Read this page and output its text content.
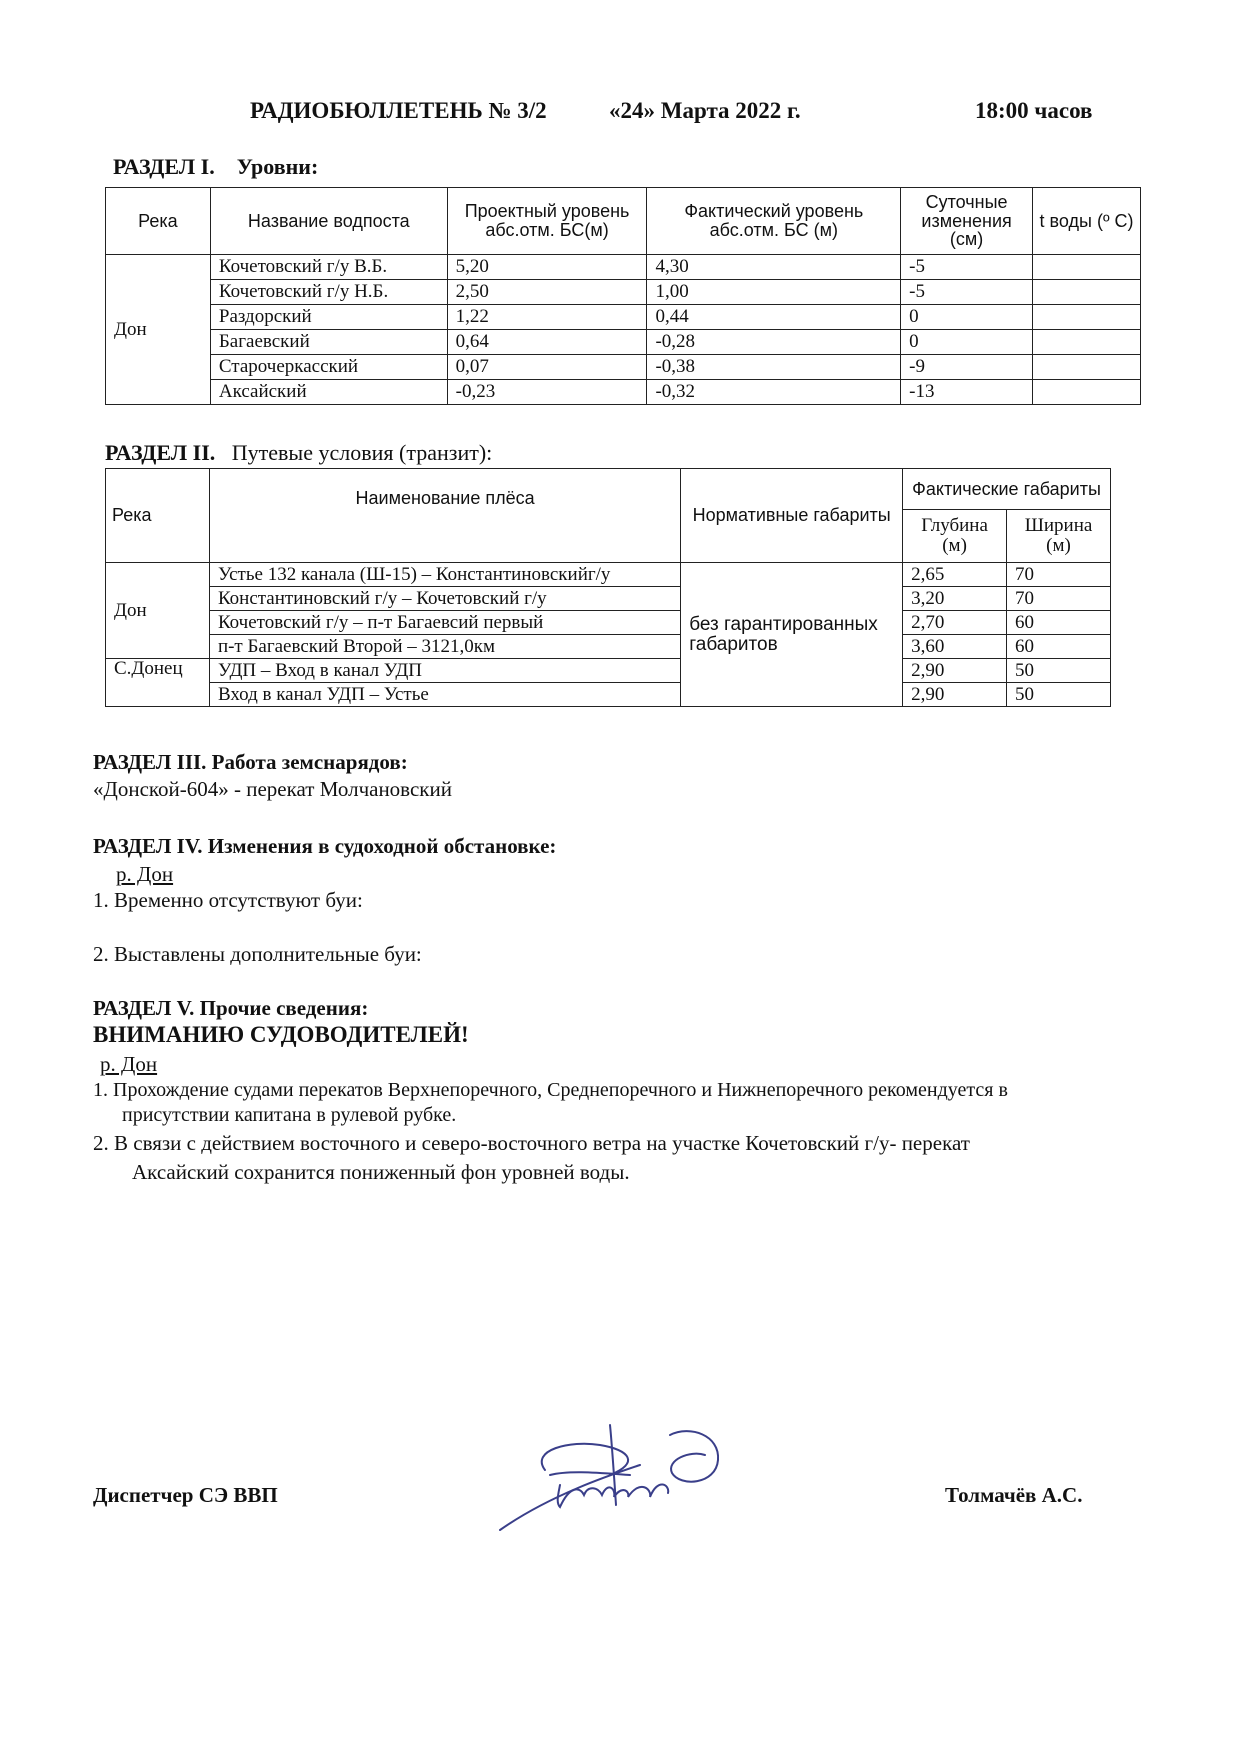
РАДИОБЮЛЛЕТЕНЬ № 3/2	«24» Марта 2022 г.	18:00 часов
РАЗДЕЛ I. Уровни:
Река	Название водпоста	Проектный уровень абс.отм. БС(м)	Фактический уровень абс.отм. БС (м)	Суточные изменения (см)	t воды (º С)
Дон	Кочетовский г/у В.Б.	5,20	4,30	-5	
	Кочетовский г/у Н.Б.	2,50	1,00	-5	
	Раздорский	1,22	0,44	0	
	Багаевский	0,64	-0,28	0	
	Старочеркасский	0,07	-0,38	-9	
	Аксайский	-0,23	-0,32	-13	
РАЗДЕЛ II. Путевые условия (транзит):
Река	Наименование плёса	Нормативные габариты	Фактические габариты	
			Глубина (м)	Ширина (м)
Дон	Устье 132 канала (Ш-15) – Константиновскийг/у	без гарантированных габаритов	2,65	70
	Константиновский г/у – Кочетовский г/у		3,20	70
	Кочетовский г/у – п-т Багаевсий первый		2,70	60
	п-т Багаевский Второй – 3121,0км		3,60	60
С.Донец	УДП – Вход в канал УДП		2,90	50
	Вход в канал УДП – Устье		2,90	50
РАЗДЕЛ III. Работа земснарядов:
«Донской-604» - перекат Молчановский
РАЗДЕЛ IV. Изменения в судоходной обстановке:
р. Дон
1. Временно отсутствуют буи:
2. Выставлены дополнительные буи:
РАЗДЕЛ V. Прочие сведения:
ВНИМАНИЮ СУДОВОДИТЕЛЕЙ!
р. Дон
1. Прохождение судами перекатов Верхнепоречного, Среднепоречного и Нижнепоречного рекомендуется в
присутствии капитана в рулевой рубке.
2. В связи с действием восточного и северо-восточного ветра на участке Кочетовский г/у- перекат
Аксайский сохранится пониженный фон уровней воды.
Диспетчер СЭ ВВП	Толмачёв А.С.
